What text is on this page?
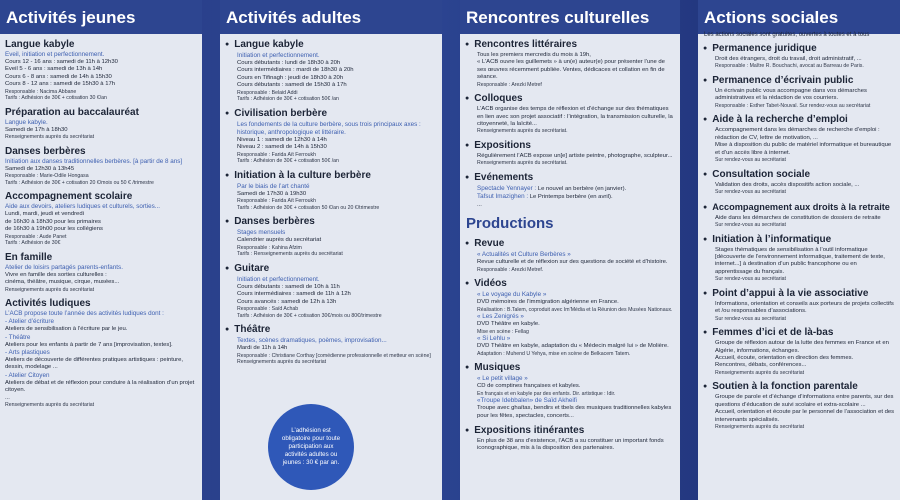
Activités jeunes

Langue kabyle

Eveil, initiation et perfectionnement.

Cours 12 - 16 ans : samedi de 11h à 12h30

Eveil 5 - 6 ans : samedi de 13h à 14h

Cours 6 - 8 ans : samedi de 14h à 15h30

Cours 8 - 12 ans : samedi de 15h30 à 17h

Responsable : Nacima Abbane

Tarifs : Adhésion de 30€ + cotisation 30 €/an

Préparation au baccalauréat

Langue kabyle.

Samedi de 17h à 18h30

Renseignements auprès du secrétariat

Danses berbères

Initiation aux danses traditionnelles berbères. [à partir de 8 ans]

Samedi de 12h30 à 13h45

Responsable : Marie-Odile Hongasa

Tarifs : Adhésion de 30€ + cotisation 20 €/mois ou 50 € /trimestre

Accompagnement scolaire

Aide aux devoirs, ateliers ludiques et culturels, sorties...

Lundi, mardi, jeudi et vendredi

de 16h30 à 18h30 pour les primaires

de 16h30 à 19h00 pour les collégiens

Responsable : Aude Panet

Tarifs : Adhésion de 30€

En famille

Atelier de loisirs partagés parents-enfants.

Vivre en famille des sorties culturelles :

cinéma, théâtre, musique, cirque, musées...

Renseignements auprès du secrétariat

Activités ludiques

L’ACB propose toute l’année des activités ludiques dont :

- Atelier d’écriture

Ateliers de sensibilisation à l’écriture par le jeu.

- Théâtre

Ateliers pour les enfants à partir de 7 ans [improvisation, textes].

- Arts plastiques

Ateliers de découverte de différentes pratiques artistiques : peinture, dessin, modelage ...

- Atelier Citoyen

Ateliers de débat et de réflexion pour conduire à la réalisation d’un projet citoyen.

...

Renseignements auprès du secrétariat

Activités adultes

● Langue kabyle

Initiation et perfectionnement.

Cours débutants : lundi de 18h30 à 20h

Cours intermédiaires : mardi de 18h30 à 20h

Cours en Tifinagh : jeudi de 18h30 à 20h

Cours débutants : samedi de 15h30 à 17h

Responsable : Belaid Addi

Tarifs : Adhésion de 30€ + cotisation 50€ /an

● Civilisation berbère

Les fondements de la culture berbère, sous trois principaux axes : historique, anthropologique et littéraire.

Niveau 1 : samedi de 12h30 à 14h

Niveau 2 : samedi de 14h à 15h30

Responsable : Farida Aït Ferroukh

Tarifs : Adhésion de 30€ + cotisation 50€ /an

● Initiation à la culture berbère

Par le biais de l’art chanté

Samedi de 17h30 à 19h30

Responsable : Farida Aït Ferroukh

Tarifs : Adhésion de 30€ + cotisation 50 €/an ou 20 €/trimestre

● Danses berbères

Stages mensuels

Calendrier auprès du secrétariat

Responsable : Kahina Afzim

Tarifs : Renseignements auprès du secrétariat

● Guitare

Initiation et perfectionnement.

Cours débutants : samedi de 10h à 11h

Cours intermédiaires : samedi de 11h à 12h

Cours avancés : samedi de 12h à 13h

Responsable : Saïd Achab

Tarifs : Adhésion de 30€ + cotisation 30€/mois ou 80€/trimestre

● Théâtre

Textes, scènes dramatiques, poèmes, improvisation...

Mardi de 11h à 14h

Responsable : Christiane Corthay [comédienne professionnelle et metteur en scène]

Renseignements auprès du secrétariat

L’adhésion est obligatoire pour toute participation aux activités adultes ou jeunes : 30 € par an.
Rencontres culturelles

● Rencontres littéraires

Tous les premiers mercredis du mois à 19h,

« L’ACB ouvre les guillemets » à un(e) auteur(e) pour présenter l’une de ses œuvres récemment publiée. Ventes, dédicaces et collation en fin de séance.

Responsable : Arezki Metref

● Colloques

L’ACB organise des temps de réflexion et d’échange sur des thématiques en lien avec son projet associatif : l’intégration, la transmission culturelle, la citoyenneté, la laïcité...

Renseignements auprès du secrétariat.

● Expositions

Régulièrement l’ACB expose un[e] artiste peintre, photographe, sculpteur...

Renseignements auprès du secrétariat.

● Evénements

Spectacle Yennayer : Le nouvel an berbère (en janvier).

Tafsut Imazighen : Le Printemps berbère (en avril).

...

Productions

● Revue

« Actualités et Culture Berbères »

Revue culturelle et de réflexion sur des questions de société et d’histoire.

Responsable : Arezki Metref.

● Vidéos

« Le voyage du Kabyle »

DVD mémoires de l’immigration algérienne en France.

Réalisation : B.Talem, coproduit avec Im’Média et la Réunion des Musées Nationaux.

« Les Zenigrés »

DVD Théâtre en kabyle.

Mise en scène : Fellag

« Si Lehlu »

DVD Théâtre en kabyle, adaptation du « Médecin malgré lui » de Molière.

Adaptation : Muhend U Yehya, mise en scène de Belkacem Tatem.

● Musiques

« Le petit village »

CD de comptines françaises et kabyles.

En français et en kabyle par des enfants. Dir. artistique : Idir.

«Troupe Idebbalen» de Saïd Akheifi

Troupe avec ghaïtas, bendirs et tbels des musiques traditionnelles kabyles pour les fêtes, spectacles, concerts...

● Expositions itinérantes

En plus de 38 ans d’existence, l’ACB a su constituer un important fonds iconographique, mis à la disposition des partenaires.

Actions sociales

Les actions sociales sont gratuites, ouvertes à toutes et à tous

● Permanence juridique

Droit des étrangers, droit du travail, droit administratif, ...

Responsable : Maître R. Bouchachi, avocat au Barreau de Paris.

● Permanence d’écrivain public

Un écrivain public vous accompagne dans vos démarches administratives et la rédaction de vos courriers.

Responsable : Esther Tabet-Nouval. Sur rendez-vous au secrétariat

● Aide à la recherche d’emploi

Accompagnement dans les démarches de recherche d’emploi : rédaction de CV, lettre de motivation, ...

Mise à disposition du public de matériel informatique et bureautique et d’un accès libre à internet.

Sur rendez-vous au secrétariat

● Consultation sociale

Validation des droits, accès dispositifs action sociale, ...

Sur rendez-vous au secrétariat

● Accompagnement aux droits à la retraite

Aide dans les démarches de constitution de dossiers de retraite

Sur rendez-vous au secrétariat

● Initiation à l’informatique

Stages thématiques de sensibilisation à l’outil informatique [découverte de l’environnement informatique, traitement de texte, internet...] à destination d’un public francophone ou en apprentissage du français.

Sur rendez-vous au secrétariat

● Point d’appui à la vie associative

Informations, orientation et conseils aux porteurs de projets collectifs et /ou responsables d’associations.

Sur rendez-vous au secrétariat

● Femmes d’ici et de là-bas

Groupe de réflexion autour de la lutte des femmes en France et en Algérie, informations, échanges.

Accueil, écoute, orientation en direction des femmes.

Rencontres, débats, conférences...

Renseignements auprès du secrétariat

● Soutien à la fonction parentale

Groupe de parole et d’échange d’informations entre parents, sur des questions d’éducation de suivi scolaire et extra-scolaire ...

Accueil, orientation et écoute par le personnel de l’association et des intervenants spécialisés.

Renseignements auprès du secrétariat
